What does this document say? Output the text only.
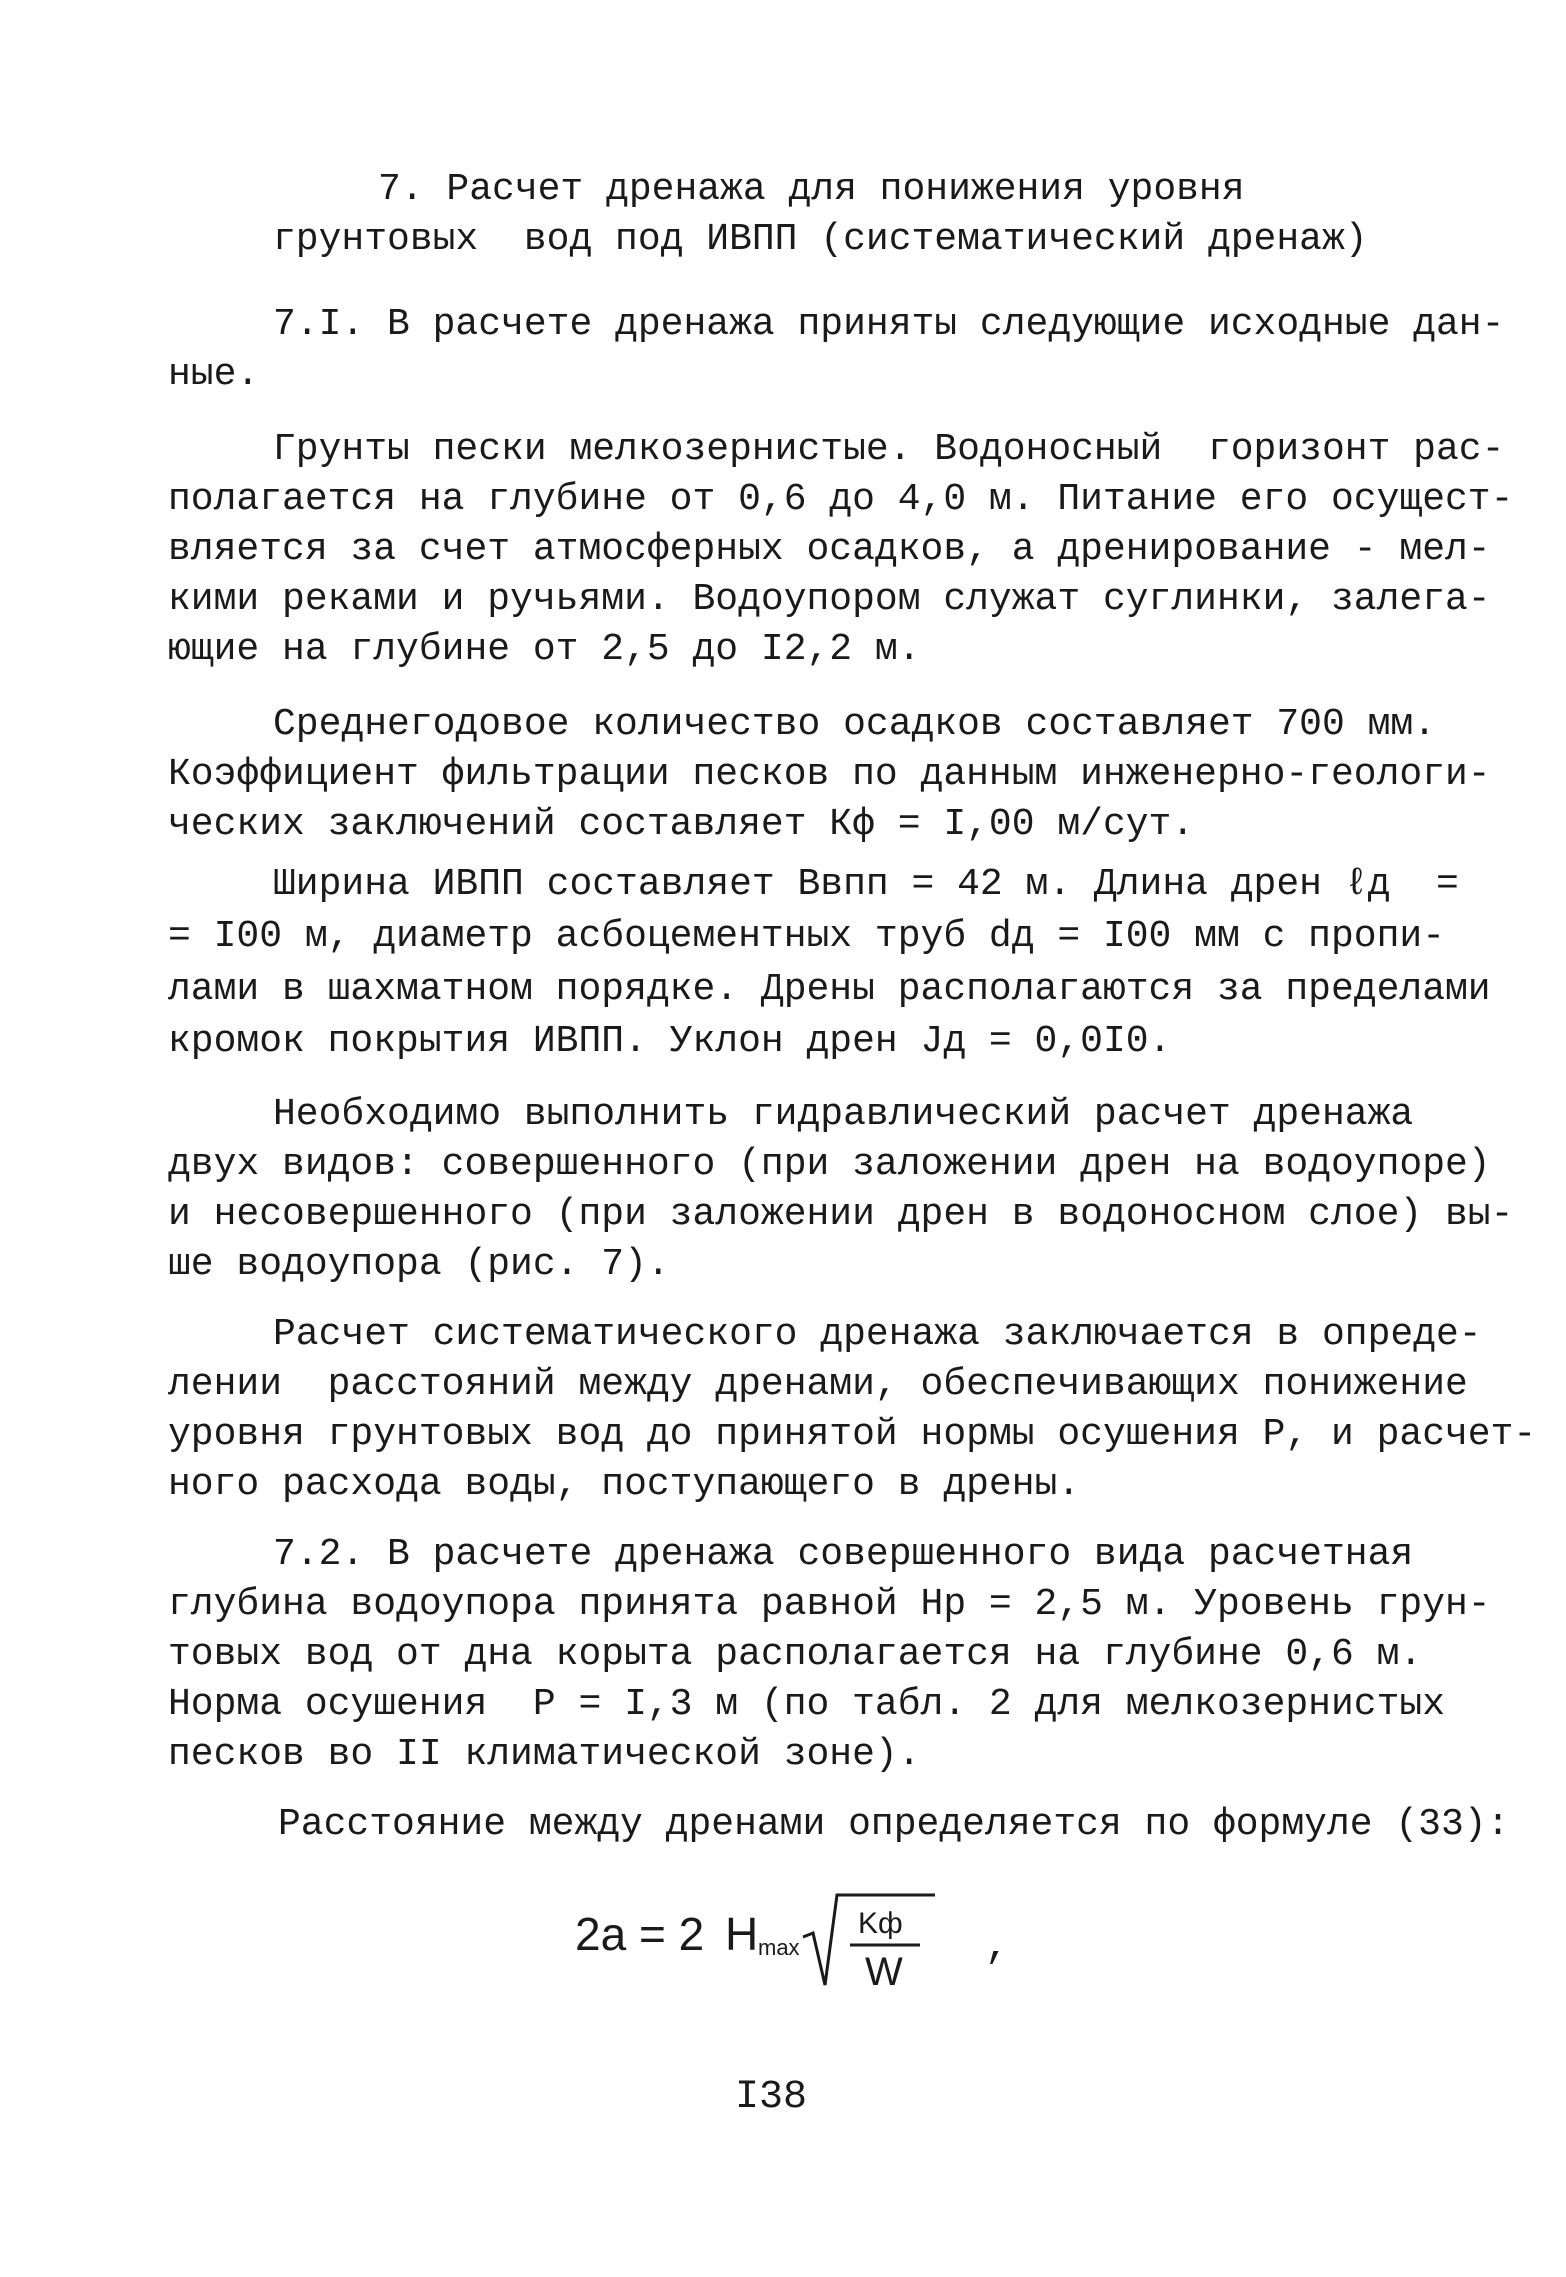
7. Расчет дренажа для понижения уровня
грунтовых  вод под ИВПП (систематический дренаж)
7.I. В расчете дренажа приняты следующие исходные дан-
ные.
Грунты пески мелкозернистые. Водоносный  горизонт рас-
полагается на глубине от 0,6 до 4,0 м. Питание его осущест-
вляется за счет атмосферных осадков, а дренирование - мел-
кими реками и ручьями. Водоупором служат суглинки, залега-
ющие на глубине от 2,5 до I2,2 м.
Среднегодовое количество осадков составляет 700 мм.
Коэффициент фильтрации песков по данным инженерно-геологи-
ческих заключений составляет Кф = I,00 м/сут.
Ширина ИВПП составляет Bвпп = 42 м. Длина дрен ℓд  =
= I00 м, диаметр асбоцементных труб dд = I00 мм с пропи-
лами в шахматном порядке. Дрены располагаются за пределами
кромок покрытия ИВПП. Уклон дрен Jд = 0,0I0.
Необходимо выполнить гидравлический расчет дренажа
двух видов: совершенного (при заложении дрен на водоупоре)
и несовершенного (при заложении дрен в водоносном слое) вы-
ше водоупора (рис. 7).
Расчет систематического дренажа заключается в опреде-
лении  расстояний между дренами, обеспечивающих понижение
уровня грунтовых вод до принятой нормы осушения P, и расчет-
ного расхода воды, поступающего в дрены.
7.2. В расчете дренажа совершенного вида расчетная
глубина водоупора принята равной Hр = 2,5 м. Уровень грун-
товых вод от дна корыта располагается на глубине 0,6 м.
Норма осушения  P = I,3 м (по табл. 2 для мелкозернистых
песков во II климатической зоне).
Расстояние между дренами определяется по формуле (33):
2a = 2 H max
Kф
W
,
I38
